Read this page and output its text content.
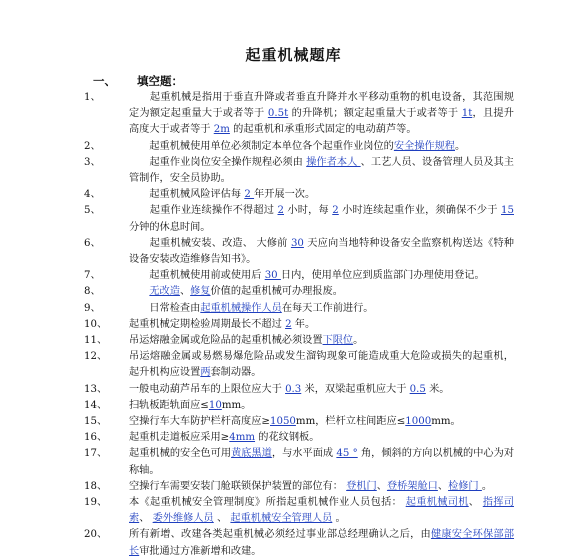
起重机械题库
一、 填空题：
1、	　　起重机械是指用于垂直升降或者垂直升降并水平移动重物的机电设备，其范围规定为额定起重量大于或者等于 0.5t 的升降机；额定起重量大于或者等于 1t，且提升高度大于或者等于 2m 的起重机和承重形式固定的电动葫芦等。
2、	　　起重机械使用单位必须制定本单位各个起重作业岗位的安全操作规程。
3、	　　起重作业岗位安全操作规程必须由 操作者本人 、工艺人员、设备管理人员及其主管制作，安全员协助。
4、	　　起重机械风险评估每 2 年开展一次。
5、	　　起重作业连续操作不得超过 2 小时，每 2 小时连续起重作业，须确保不少于 15 分钟的休息时间。
6、	　　起重机械安装、改造、 大修前 30 天应向当地特种设备安全监察机构送达《特种设备安装改造维修告知书》。
7、	　　起重机械使用前或使用后 30 日内，使用单位应到质监部门办理使用登记。
8、
　　	无改造、修复价值的起重机械可办理报废。
9、	　　日常检查由起重机械操作人员在每天工作前进行。
10、	起重机械定期检验周期最长不超过 2 年。
11、	吊运熔融金属或危险品的起重机械必须设置下限位。
12、	吊运熔融金属或易燃易爆危险品或发生溜钩现象可能造成重大危险或损失的起重机，起升机构应设置两套制动器。
13、	一般电动葫芦吊车的上限位应大于 0.3 米，双梁起重机应大于 0.5 米。
14、	扫轨板距轨面应≤10mm。
15、	空操行车大车防护栏杆高度应≥1050mm，栏杆立柱间距应≤1000mm。
16、	起重机走道板应采用≥4mm 的花纹钢板。
17、	起重机械的安全色可用黄底黑道，与水平面成 45 ° 角，倾斜的方向以机械的中心为对称轴。
18、	空操行车需要安装门舱联锁保护装置的部位有： 登机门、登桥架舱口、检修门 。
19、	本《起重机械安全管理制度》所指起重机械作业人员包括： 起重机械司机、 指挥司索、 委外维修人员 、 起重机械安全管理人员 。
20、	所有新增、改建各类起重机械必须经过事业部总经理确认之后，由健康安全环保部部长审批通过方准新增和改建。
